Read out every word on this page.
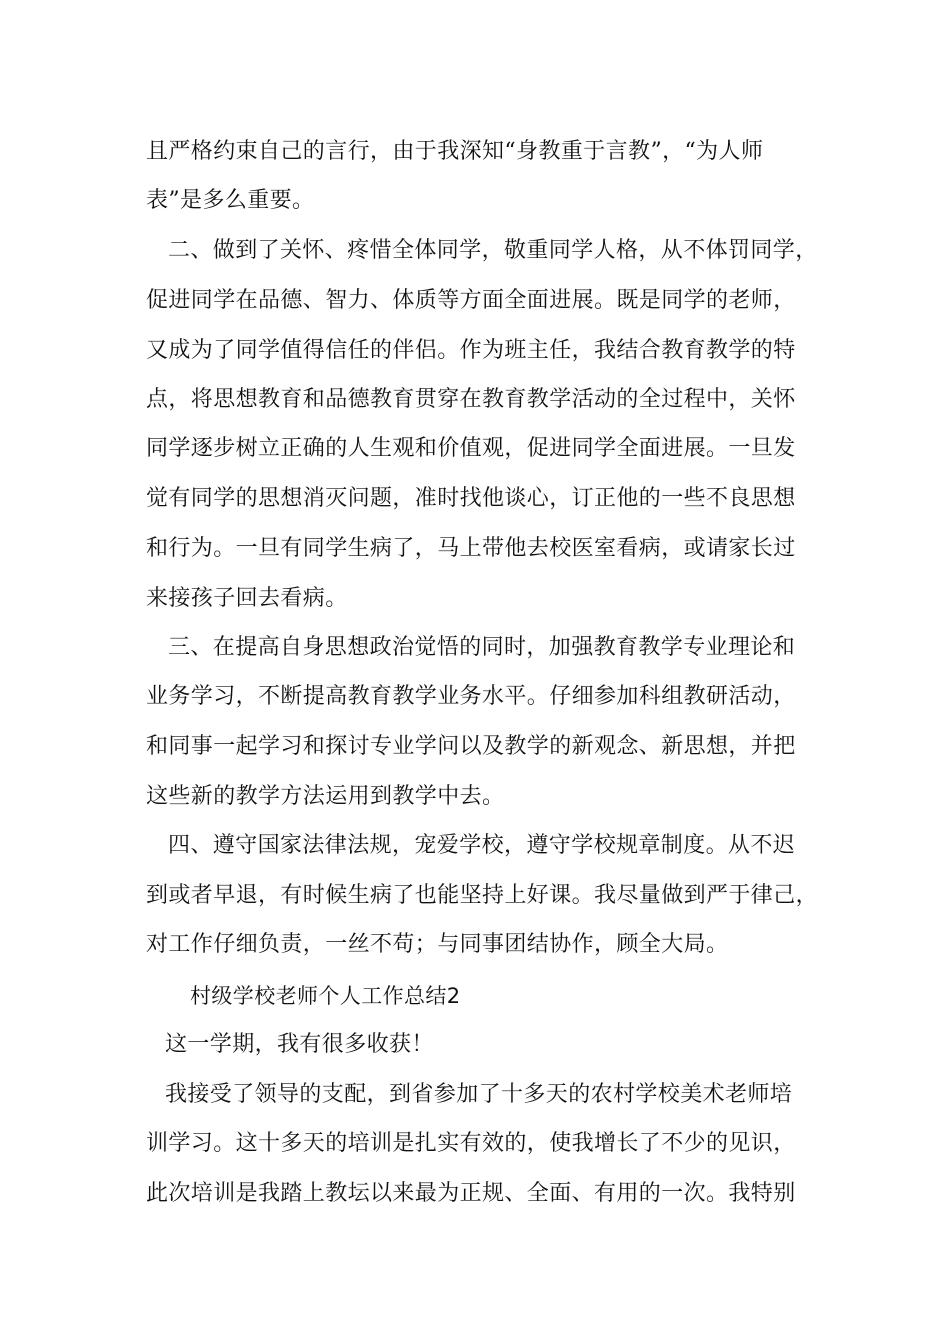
且严格约束自己的言行，由于我深知“身教重于言教”，“为人师
表”是多么重要。
二、做到了关怀、疼惜全体同学，敬重同学人格，从不体罚同学，
促进同学在品德、智力、体质等方面全面进展。既是同学的老师，
又成为了同学值得信任的伴侣。作为班主任，我结合教育教学的特
点，将思想教育和品德教育贯穿在教育教学活动的全过程中，关怀
同学逐步树立正确的人生观和价值观，促进同学全面进展。一旦发
觉有同学的思想消灭问题，准时找他谈心，订正他的一些不良思想
和行为。一旦有同学生病了，马上带他去校医室看病，或请家长过
来接孩子回去看病。
三、在提高自身思想政治觉悟的同时，加强教育教学专业理论和
业务学习，不断提高教育教学业务水平。仔细参加科组教研活动，
和同事一起学习和探讨专业学问以及教学的新观念、新思想，并把
这些新的教学方法运用到教学中去。
四、遵守国家法律法规，宠爱学校，遵守学校规章制度。从不迟
到或者早退，有时候生病了也能坚持上好课。我尽量做到严于律己，
对工作仔细负责，一丝不苟；与同事团结协作，顾全大局。
村级学校老师个人工作总结2
这一学期，我有很多收获！
我接受了领导的支配，到省参加了十多天的农村学校美术老师培
训学习。这十多天的培训是扎实有效的，使我增长了不少的见识，
此次培训是我踏上教坛以来最为正规、全面、有用的一次。我特别
